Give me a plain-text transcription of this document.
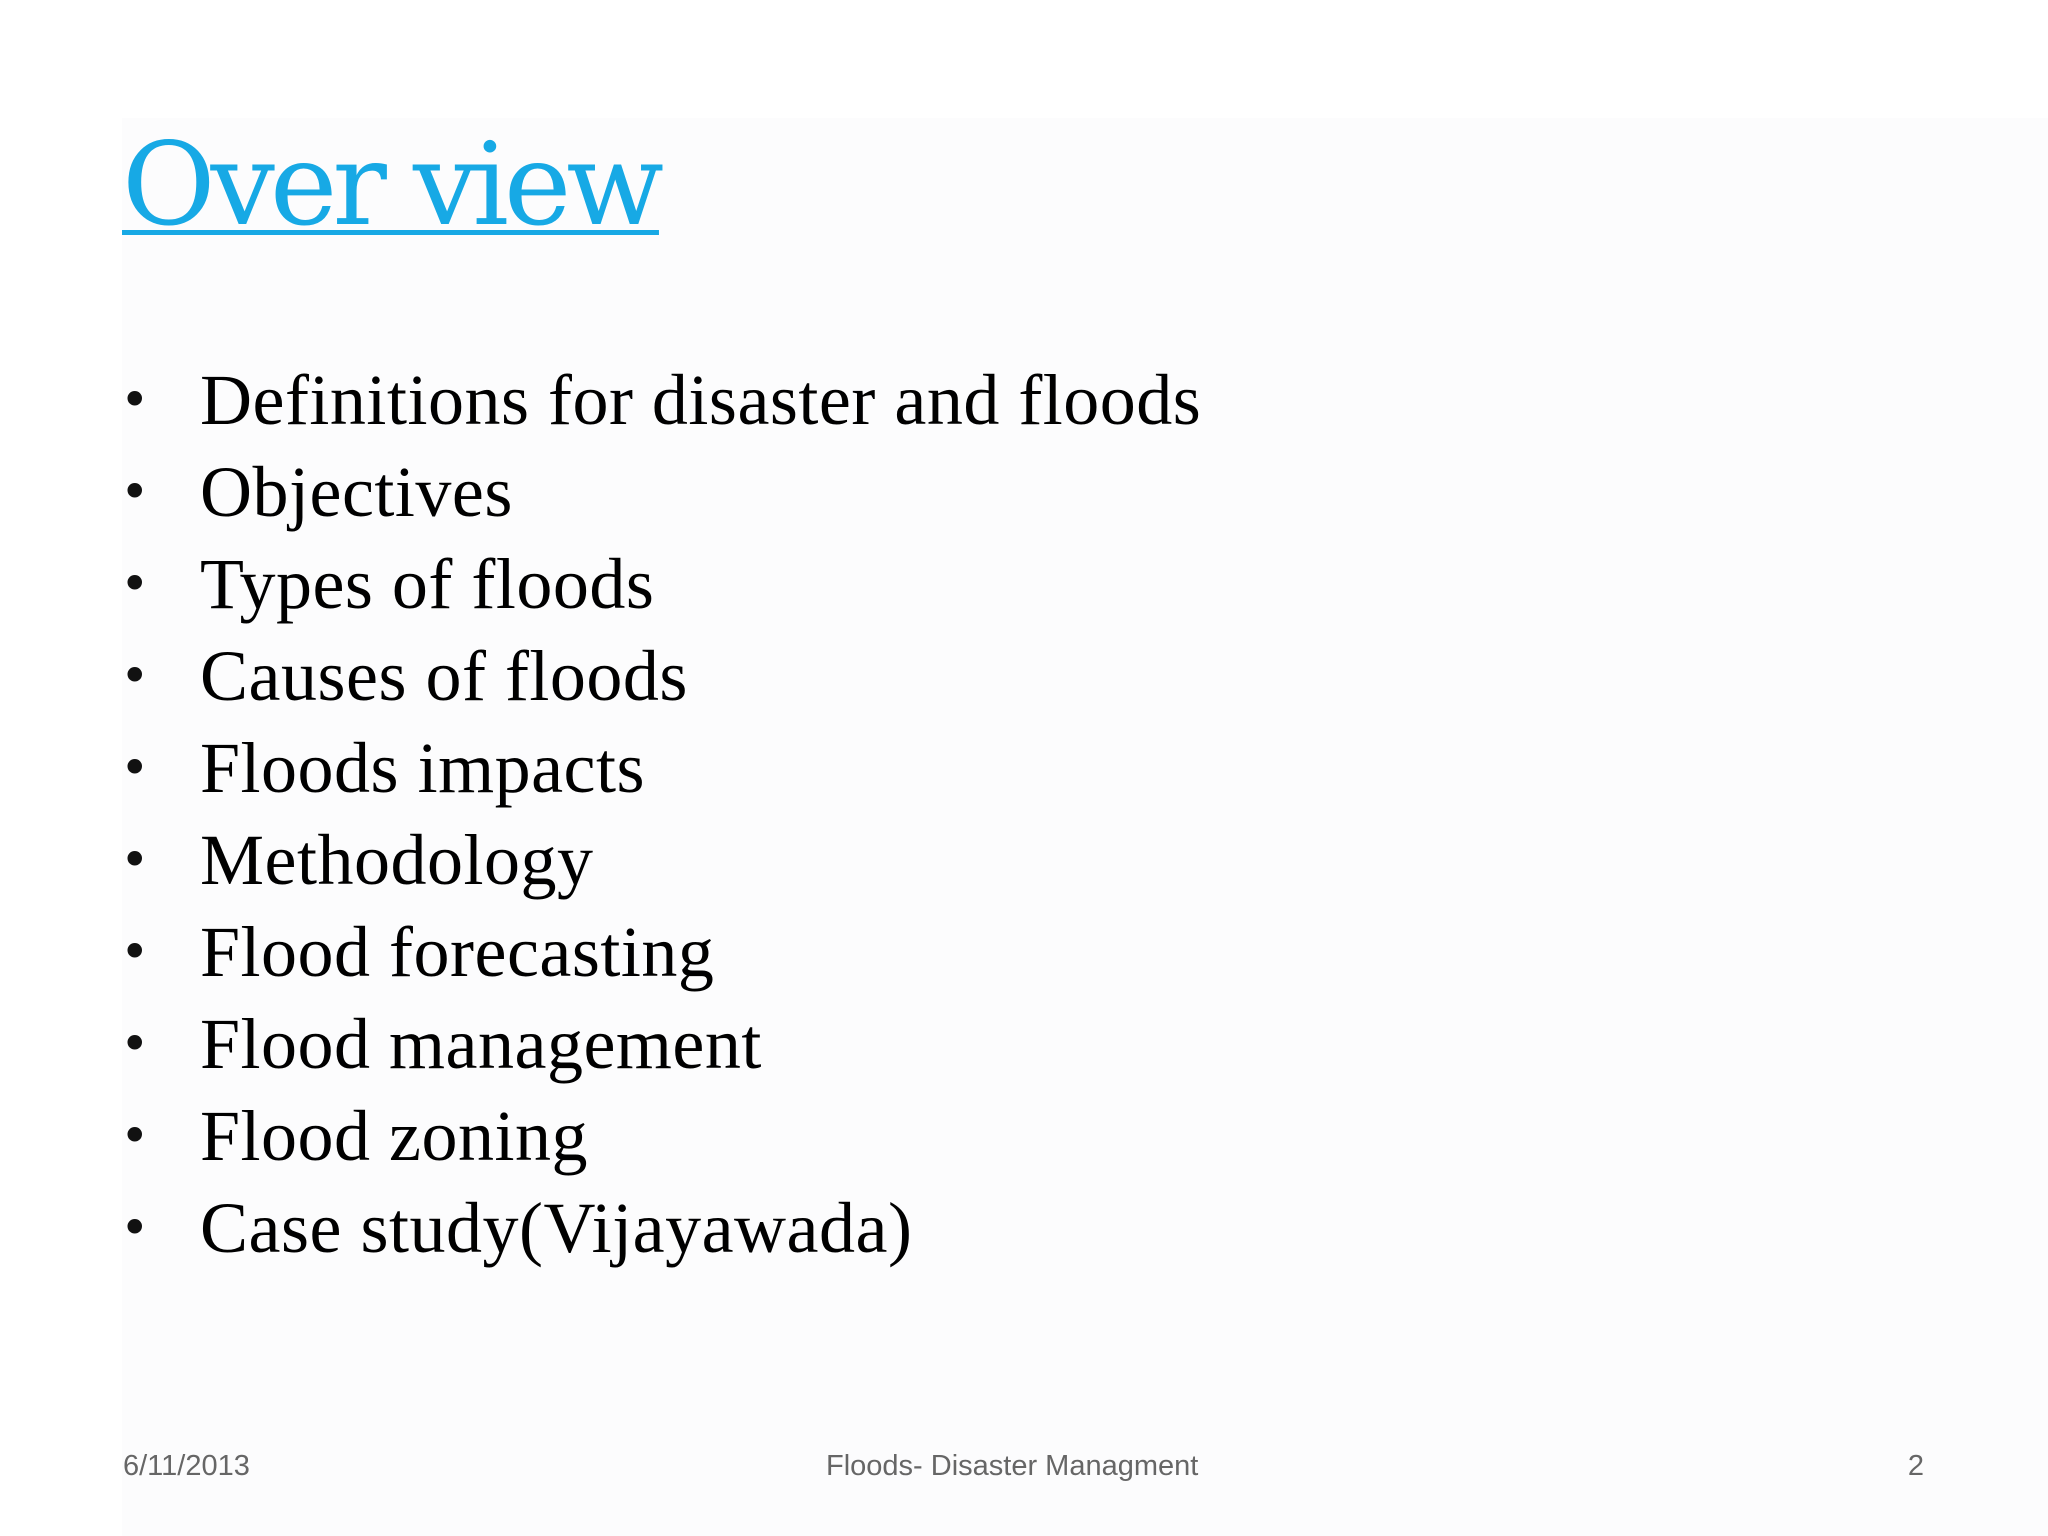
Over view
• Definitions for disaster and floods
• Objectives
• Types of floods
• Causes of floods
• Floods impacts
• Methodology
• Flood forecasting
• Flood management
• Flood zoning
• Case study(Vijayawada)
6/11/2013	Floods- Disaster Managment	2
